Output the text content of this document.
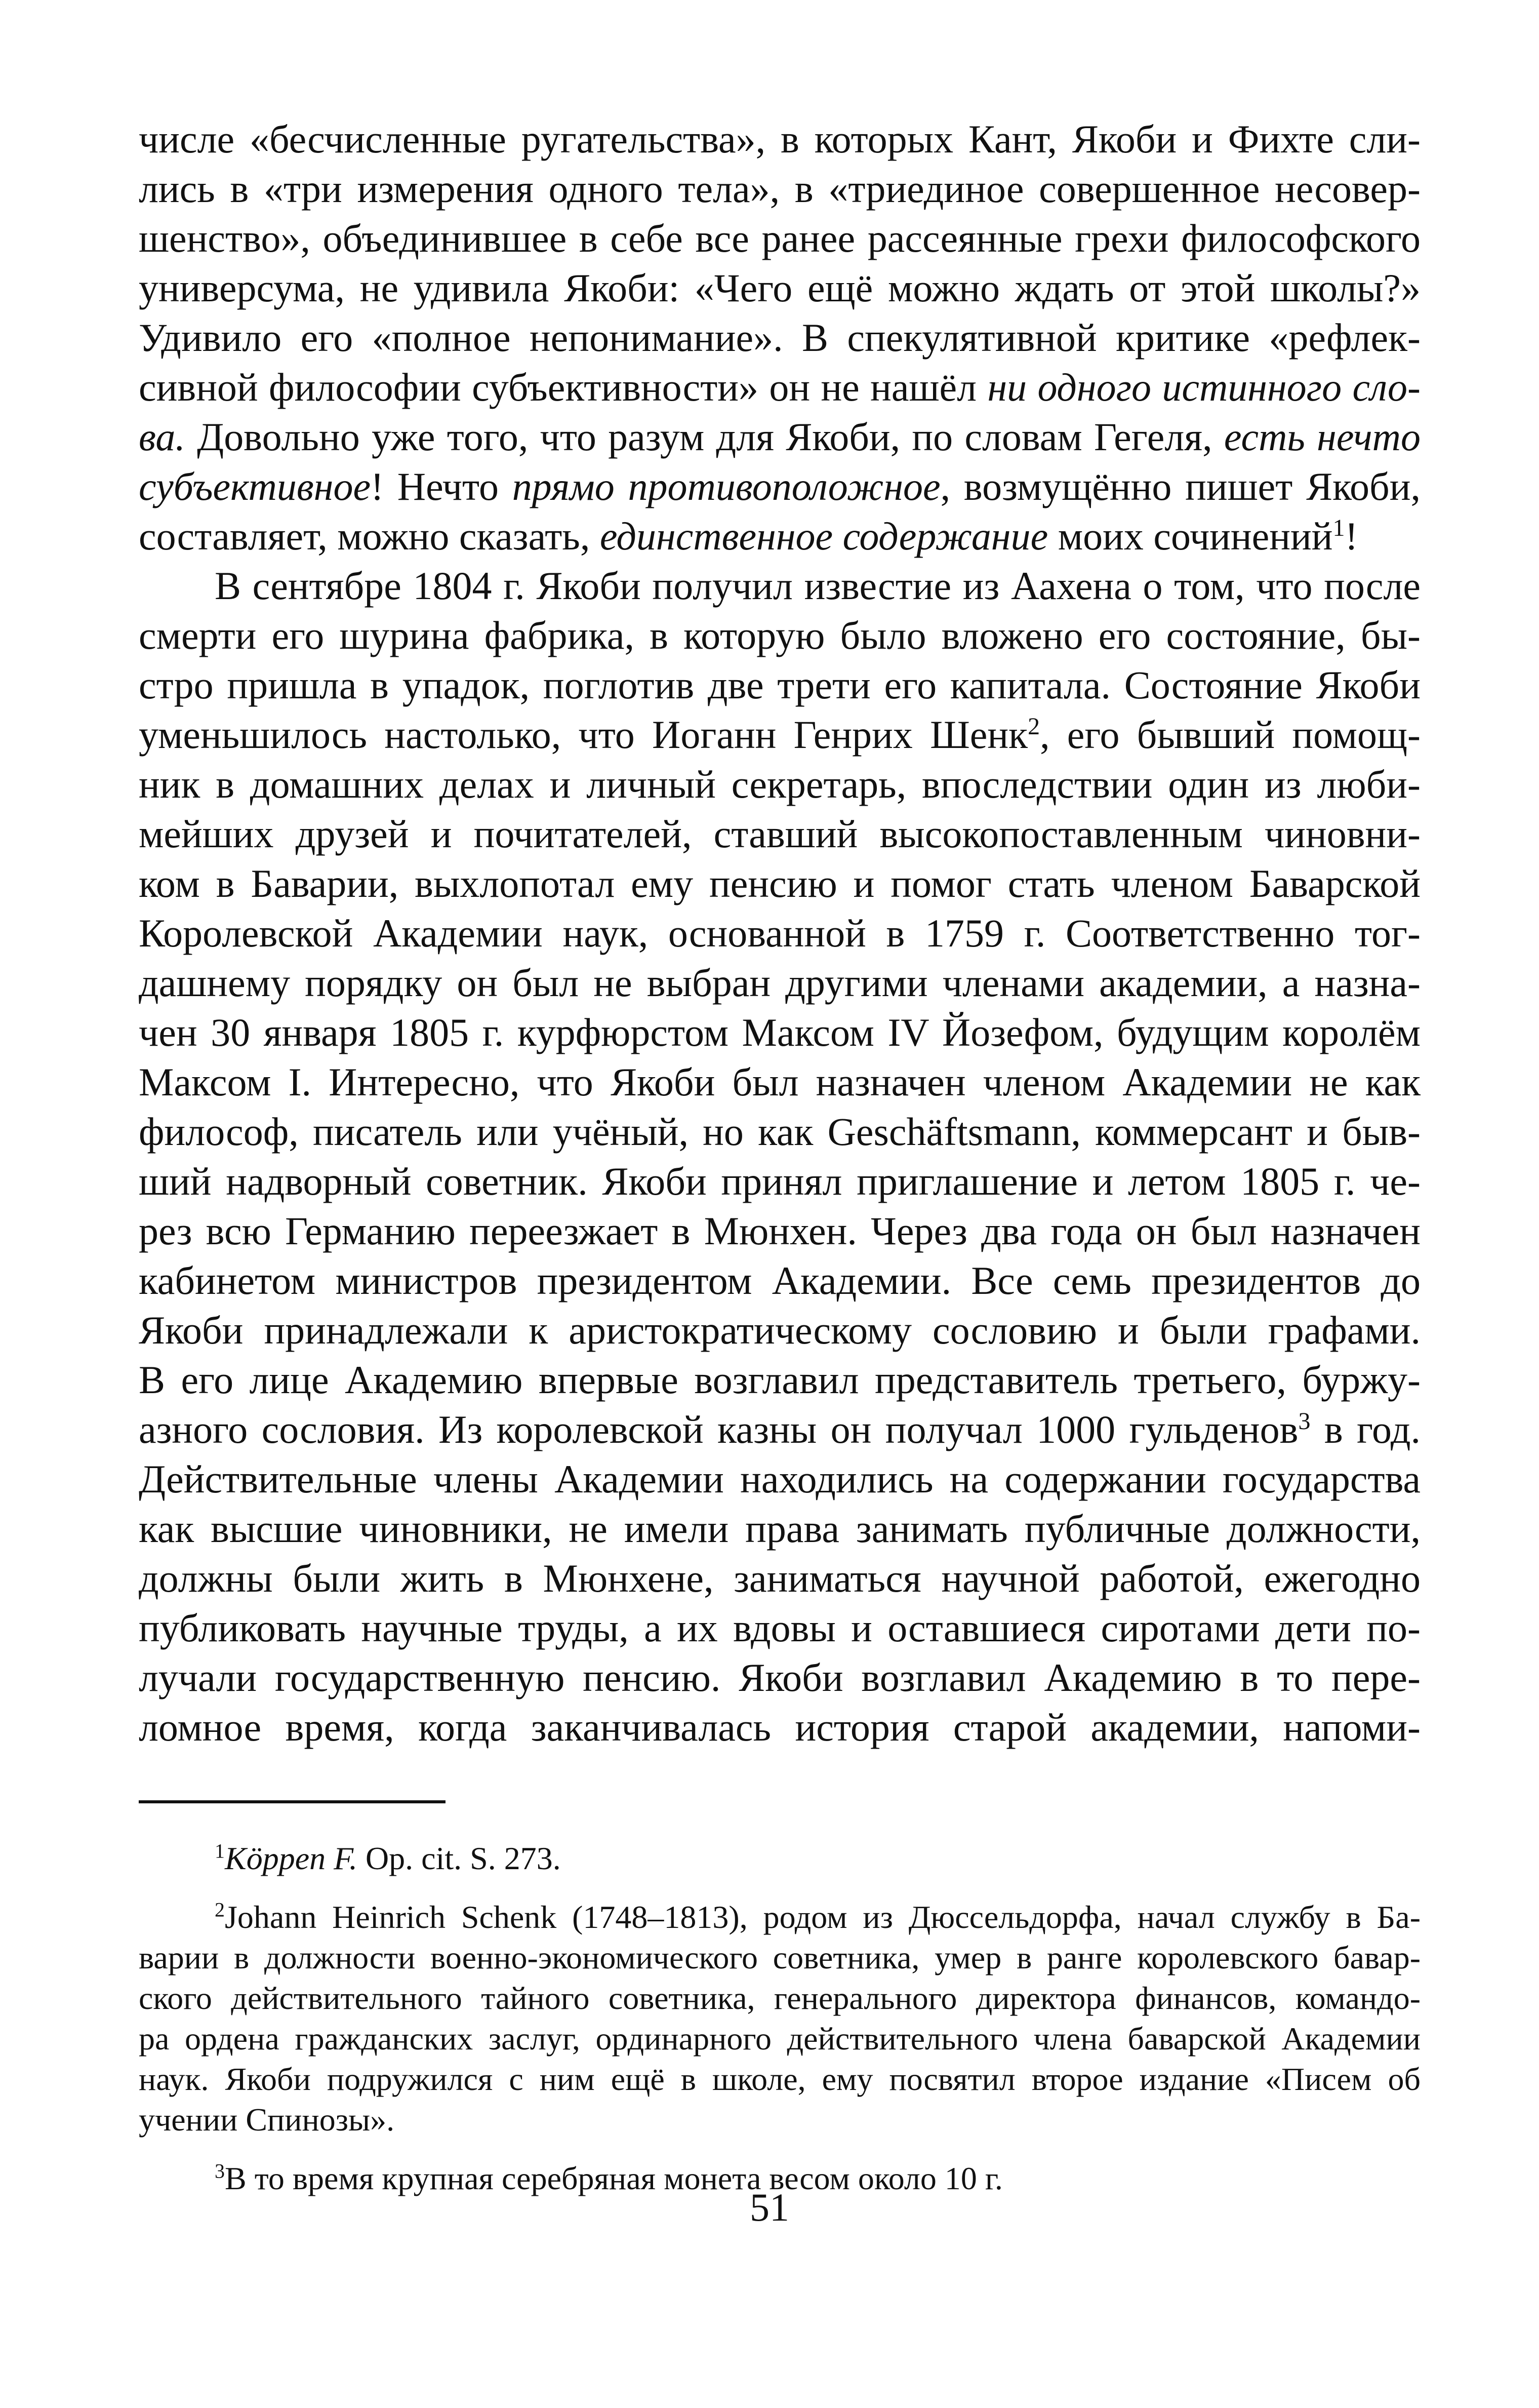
числе «бесчисленные ругательства», в которых Кант, Якоби и Фихте сли-
лись в «три измерения одного тела», в «триединое совершенное несовер-
шенство», объединившее в себе все ранее рассеянные грехи философского
универсума, не удивила Якоби: «Чего ещё можно ждать от этой школы?»
Удивило его «полное непонимание». В спекулятивной критике «рефлек-
сивной философии субъективности» он не нашёл ни одного истинного сло-
ва. Довольно уже того, что разум для Якоби, по словам Гегеля, есть нечто
субъективное! Нечто прямо противоположное, возмущённо пишет Якоби,
составляет, можно сказать, единственное содержание моих сочинений$^1$!
В сентябре 1804 г. Якоби получил известие из Аахена о том, что после
смерти его шурина фабрика, в которую было вложено его состояние, бы-
стро пришла в упадок, поглотив две трети его капитала. Состояние Якоби
уменьшилось настолько, что Иоганн Генрих Шенк$^2$, его бывший помощ-
ник в домашних делах и личный секретарь, впоследствии один из люби-
мейших друзей и почитателей, ставший высокопоставленным чиновни-
ком в Баварии, выхлопотал ему пенсию и помог стать членом Баварской
Королевской Академии наук, основанной в 1759 г. Соответственно тог-
дашнему порядку он был не выбран другими членами академии, а назна-
чен 30 января 1805 г. курфюрстом Максом IV Йозефом, будущим королём
Максом I. Интересно, что Якоби был назначен членом Академии не как
философ, писатель или учёный, но как Geschäftsmann, коммерсант и быв-
ший надворный советник. Якоби принял приглашение и летом 1805 г. че-
рез всю Германию переезжает в Мюнхен. Через два года он был назначен
кабинетом министров президентом Академии. Все семь президентов до
Якоби принадлежали к аристократическому сословию и были графами.
В его лице Академию впервые возглавил представитель третьего, буржу-
азного сословия. Из королевской казны он получал 1000 гульденов$^3$ в год.
Действительные члены Академии находились на содержании государства
как высшие чиновники, не имели права занимать публичные должности,
должны были жить в Мюнхене, заниматься научной работой, ежегодно
публиковать научные труды, а их вдовы и оставшиеся сиротами дети по-
лучали государственную пенсию. Якоби возглавил Академию в то пере-
ломное время, когда заканчивалась история старой академии, напоми-
$^1$Köppen F. Op. cit. S. 273.
$^2$Johann Heinrich Schenk (1748–1813), родом из Дюссельдорфа, начал службу в Ба-
варии в должности военно-экономического советника, умер в ранге королевского бавар-
ского действительного тайного советника, генерального директора финансов, командо-
ра ордена гражданских заслуг, ординарного действительного члена баварской Академии
наук. Якоби подружился с ним ещё в школе, ему посвятил второе издание «Писем об
учении Спинозы».
$^3$В то время крупная серебряная монета весом около 10 г.
51
